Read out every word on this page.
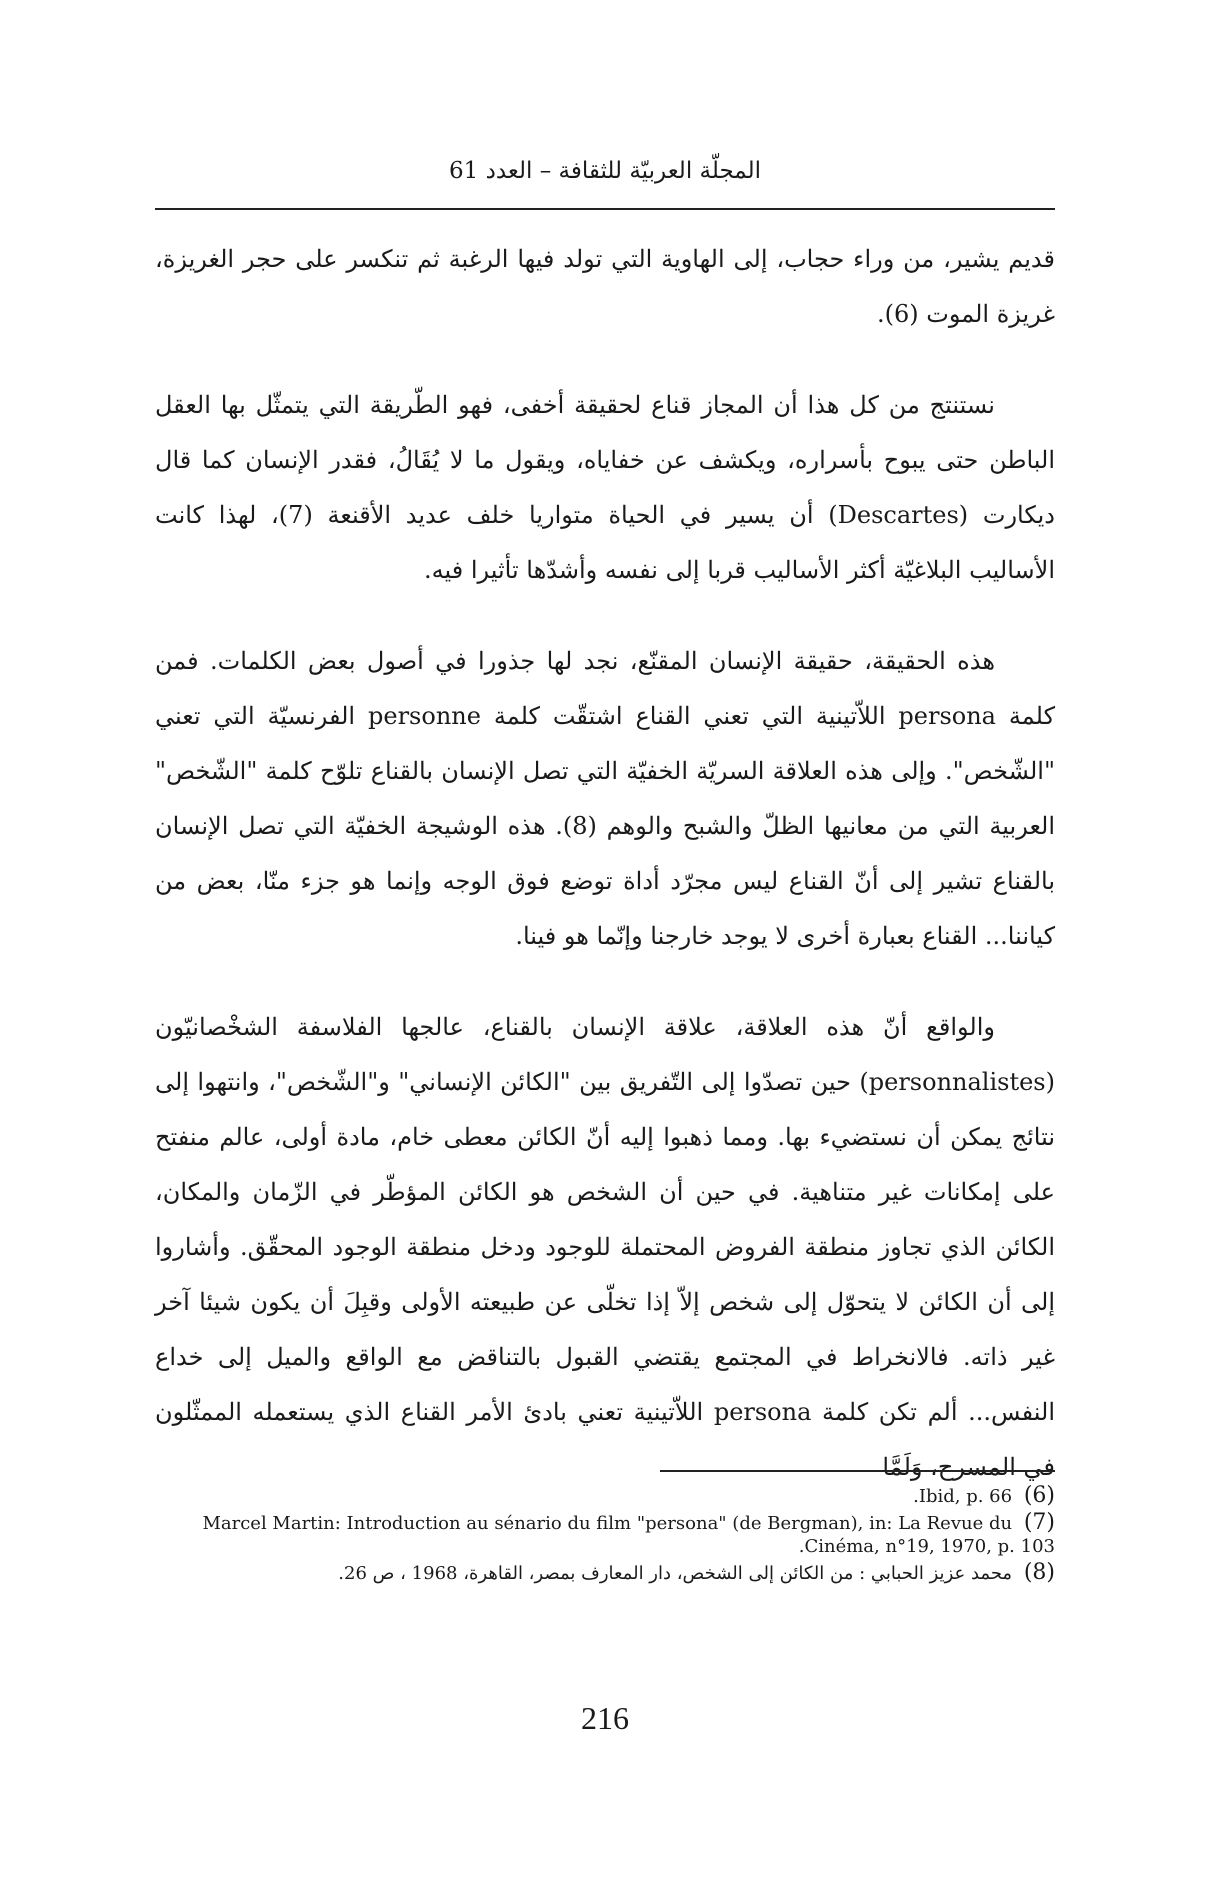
المجلّة العربيّة للثقافة – العدد 61

قديم يشير، من وراء حجاب، إلى الهاوية التي تولد فيها الرغبة ثم تنكسر على حجر الغريزة، غريزة الموت (6).

نستنتج من كل هذا أن المجاز قناع لحقيقة أخفى، فهو الطّريقة التي يتمثّل بها العقل الباطن حتى يبوح بأسراره، ويكشف عن خفاياه، ويقول ما لا يُقَالُ، فقدر الإنسان كما قال ديكارت (Descartes) أن يسير في الحياة متواريا خلف عديد الأقنعة (7)، لهذا كانت الأساليب البلاغيّة أكثر الأساليب قربا إلى نفسه وأشدّها تأثيرا فيه.

هذه الحقيقة، حقيقة الإنسان المقنّع، نجد لها جذورا في أصول بعض الكلمات. فمن كلمة persona اللاّتينية التي تعني القناع اشتقّت كلمة personne الفرنسيّة التي تعني "الشّخص". وإلى هذه العلاقة السريّة الخفيّة التي تصل الإنسان بالقناع تلوّح كلمة "الشّخص" العربية التي من معانيها الظلّ والشبح والوهم (8). هذه الوشيجة الخفيّة التي تصل الإنسان بالقناع تشير إلى أنّ القناع ليس مجرّد أداة توضع فوق الوجه وإنما هو جزء منّا، بعض من كياننا... القناع بعبارة أخرى لا يوجد خارجنا وإنّما هو فينا.

والواقع أنّ هذه العلاقة، علاقة الإنسان بالقناع، عالجها الفلاسفة الشخْصانيّون (personnalistes) حين تصدّوا إلى التّفريق بين "الكائن الإنساني" و"الشّخص"، وانتهوا إلى نتائج يمكن أن نستضيء بها. ومما ذهبوا إليه أنّ الكائن معطى خام، مادة أولى، عالم منفتح على إمكانات غير متناهية. في حين أن الشخص هو الكائن المؤطّر في الزّمان والمكان، الكائن الذي تجاوز منطقة الفروض المحتملة للوجود ودخل منطقة الوجود المحقّق. وأشاروا إلى أن الكائن لا يتحوّل إلى شخص إلاّ إذا تخلّى عن طبيعته الأولى وقبِلَ أن يكون شيئا آخر غير ذاته. فالانخراط في المجتمع يقتضي القبول بالتناقض مع الواقع والميل إلى خداع النفس... ألم تكن كلمة persona اللاّتينية تعني بادئ الأمر القناع الذي يستعمله الممثّلون في المسرح، وَلَمَّا

(6) Ibid, p. 66.
(7) Marcel Martin: Introduction au sénario du film "persona" (de Bergman), in: La Revue du Cinéma, n°19, 1970, p. 103.
(8) محمد عزيز الحبابي : من الكائن إلى الشخص، دار المعارف بمصر، القاهرة، 1968 ، ص 26.
216
